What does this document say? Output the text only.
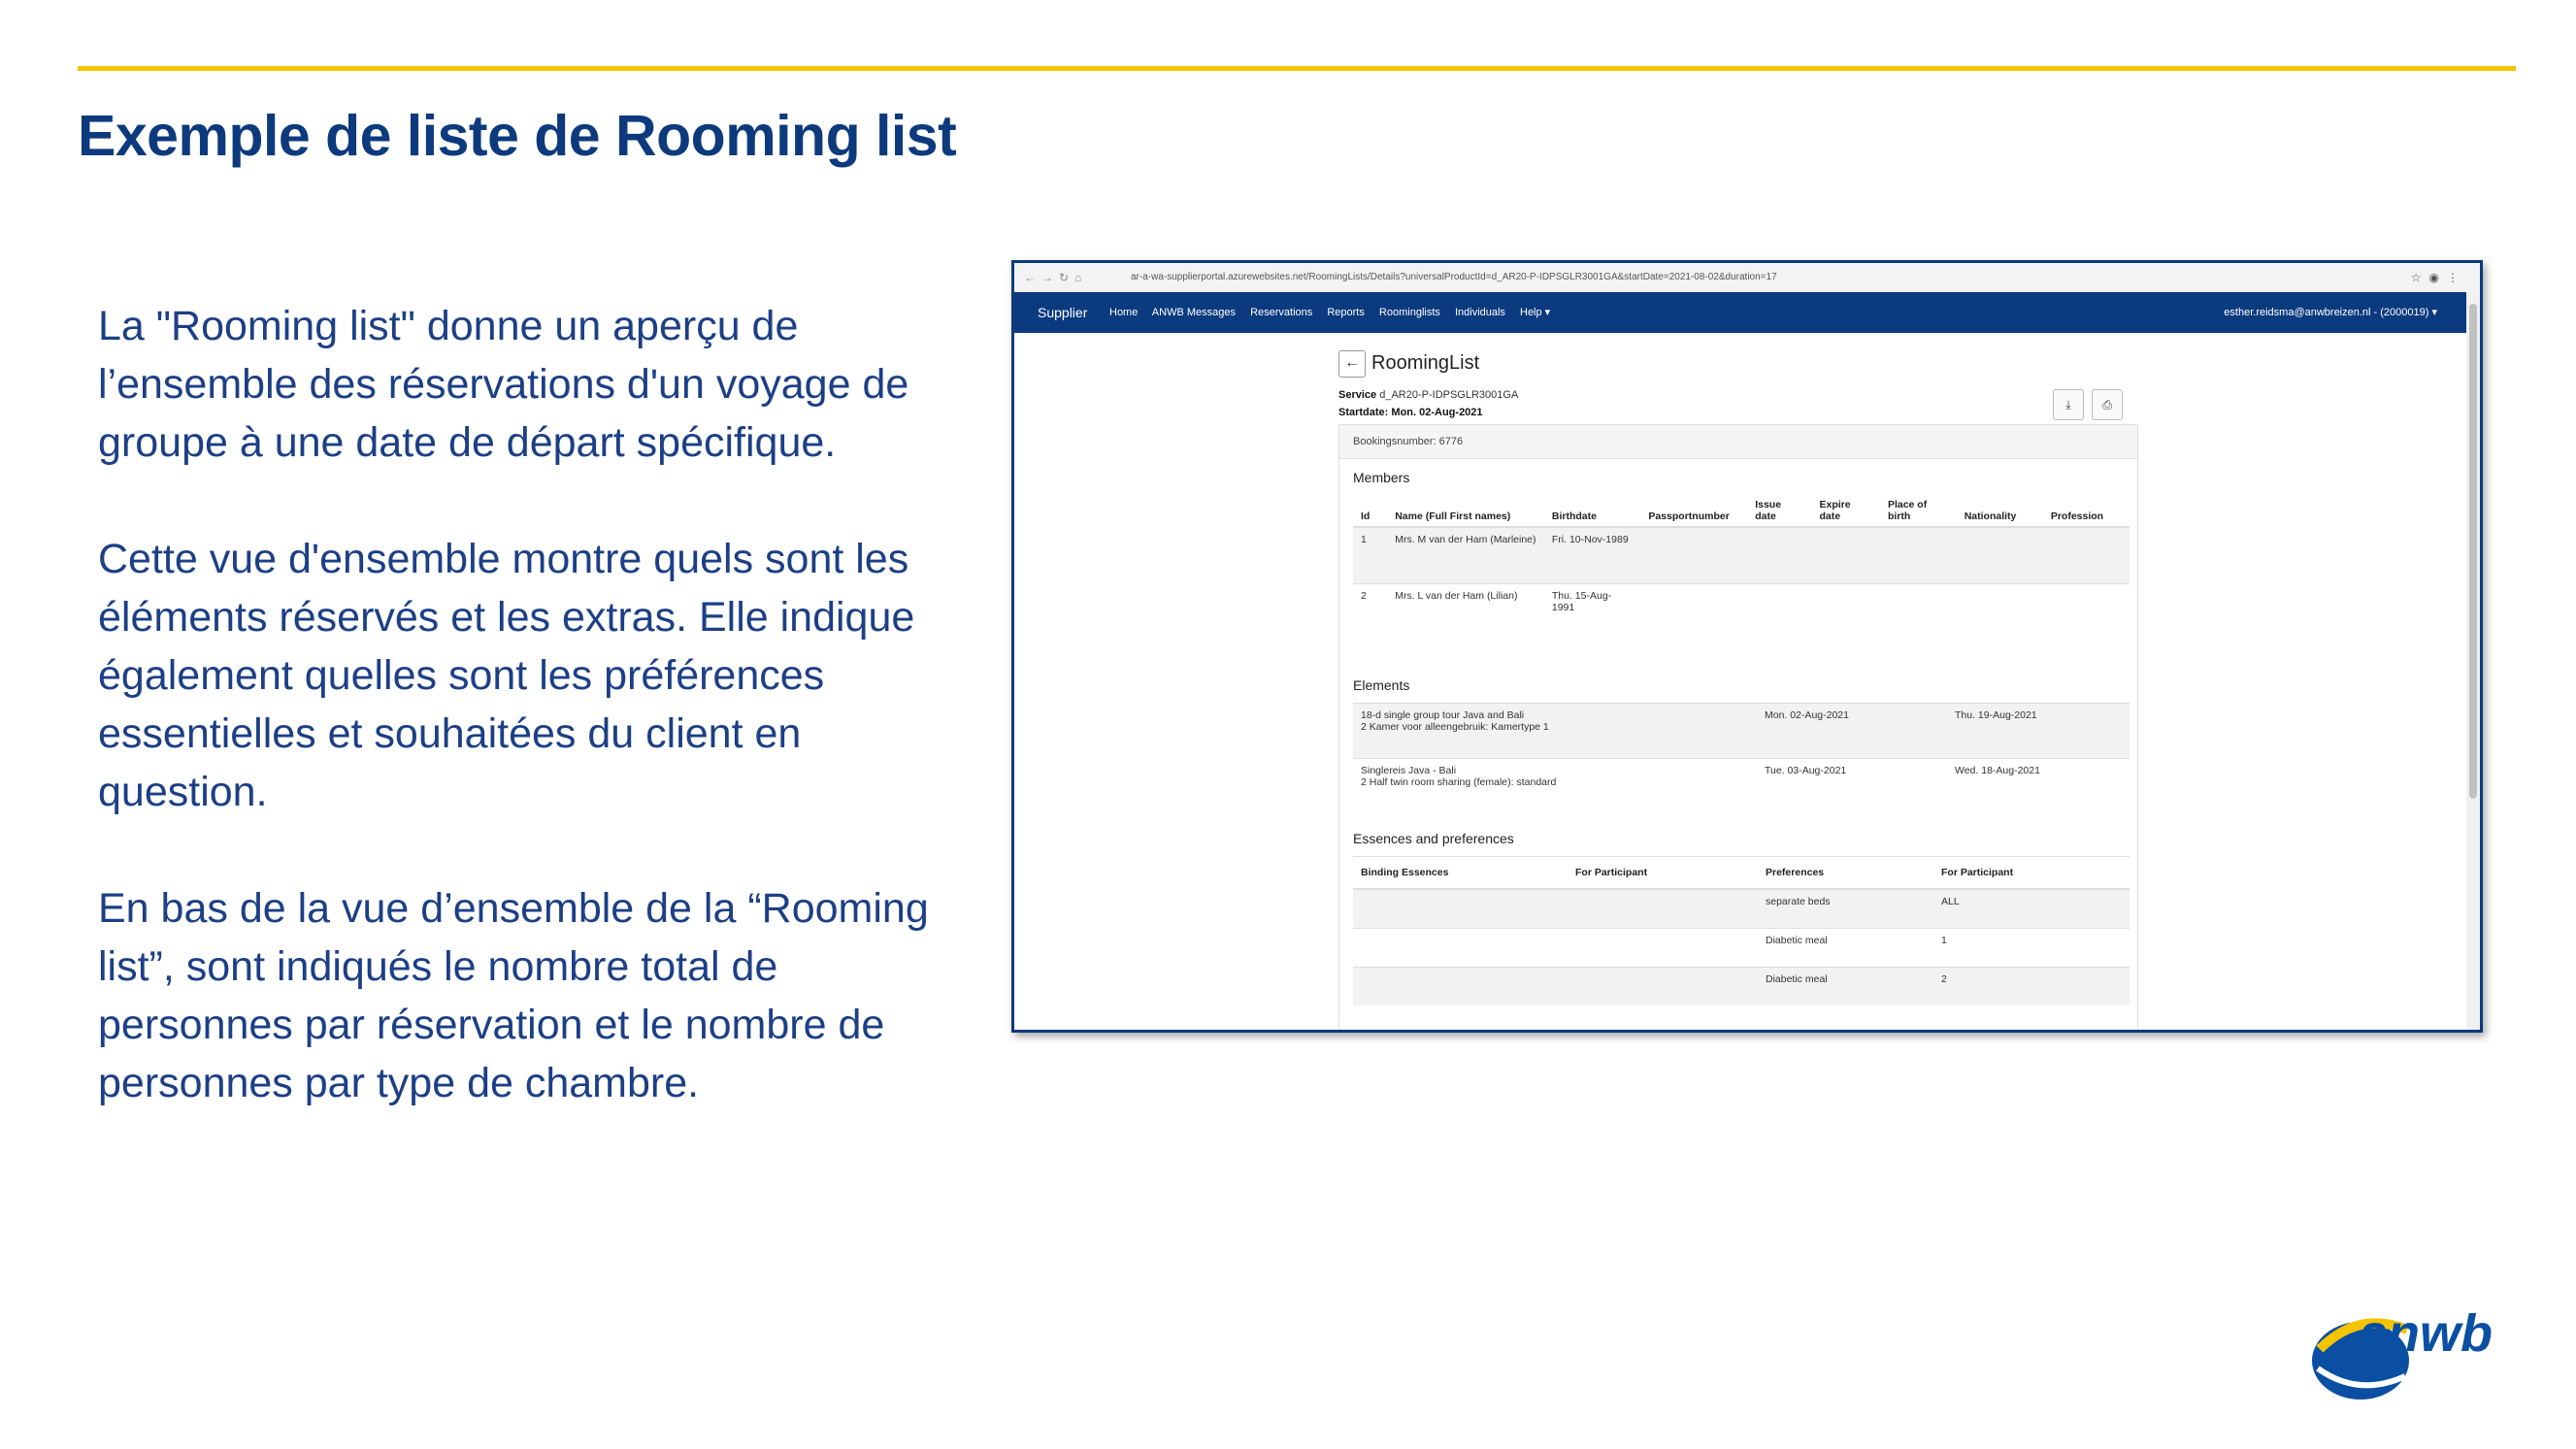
Exemple de liste de Rooming list

La "Rooming list" donne un aperçu de l’ensemble des réservations d'un voyage de groupe à une date de départ spécifique.

Cette vue d'ensemble montre quels sont les éléments réservés et les extras. Elle indique également quelles sont les préférences essentielles et souhaitées du client en question.

En bas de la vue d’ensemble de la “Rooming list”, sont indiqués le nombre total de personnes par réservation et le nombre de personnes par type de chambre.

←→↻⌂	ar-a-wa-supplierportal.azurewebsites.net/RoomingLists/Details?universalProductId=d_AR20-P-IDPSGLR3001GA&startDate=2021-08-02&duration=17	☆◉⋮
Supplier Home ANWB Messages Reservations Reports Roominglists Individuals Help ▾	esther.reidsma@anwbreizen.nl - (2000019) ▾
← RoomingList
Service d_AR20-P-IDPSGLR3001GA
Startdate: Mon. 02-Aug-2021
⤓	⎙
Bookingsnumber: 6776
Members
Id	Name (Full First names)	Birthdate	Passportnumber	Issue date	Expire date	Place of birth	Nationality	Profession
1	Mrs. M van der Ham (Marleine)	Fri. 10-Nov-1989						
2	Mrs. L van der Ham (Lilian)	Thu. 15-Aug-1991						
Elements
18-d single group tour Java and Bali
2 Kamer voor alleengebruik: Kamertype 1	Mon. 02-Aug-2021	Thu. 19-Aug-2021
Singlereis Java - Bali
2 Half twin room sharing (female): standard	Tue. 03-Aug-2021	Wed. 18-Aug-2021
Essences and preferences
Binding Essences	For Participant	Preferences	For Participant
		separate beds	ALL
		Diabetic meal	1
		Diabetic meal	2
anwb
